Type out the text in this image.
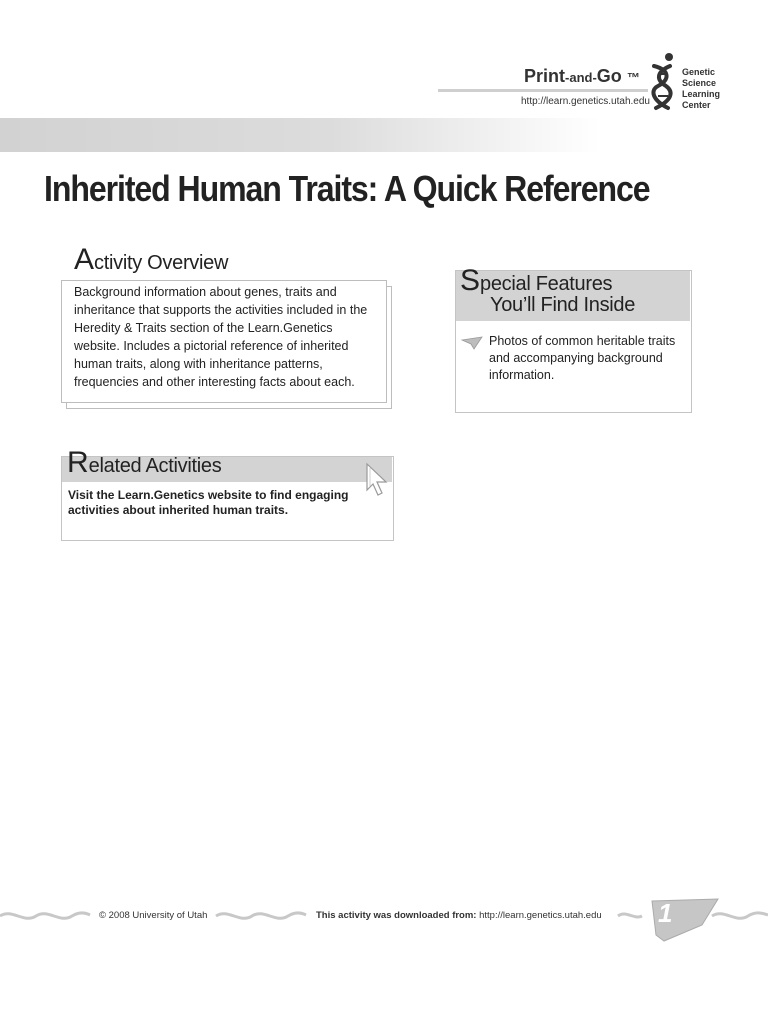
Print-and-Go ™
http://learn.genetics.utah.edu
Genetic
Science
Learning
Center
Inherited Human Traits: A Quick Reference
Activity Overview
Background information about genes, traits and inheritance that supports the activities included in the Heredity & Traits section of the Learn.Genetics website. Includes a pictorial reference of inherited human traits, along with inheritance patterns, frequencies and other interesting facts about each.
Special Features
You’ll Find Inside
Photos of common heritable traits and accompanying background information.
Related Activities
Visit the Learn.Genetics website to find engaging activities about inherited human traits.
© 2008 University of Utah	This activity was downloaded from: http://learn.genetics.utah.edu 1
